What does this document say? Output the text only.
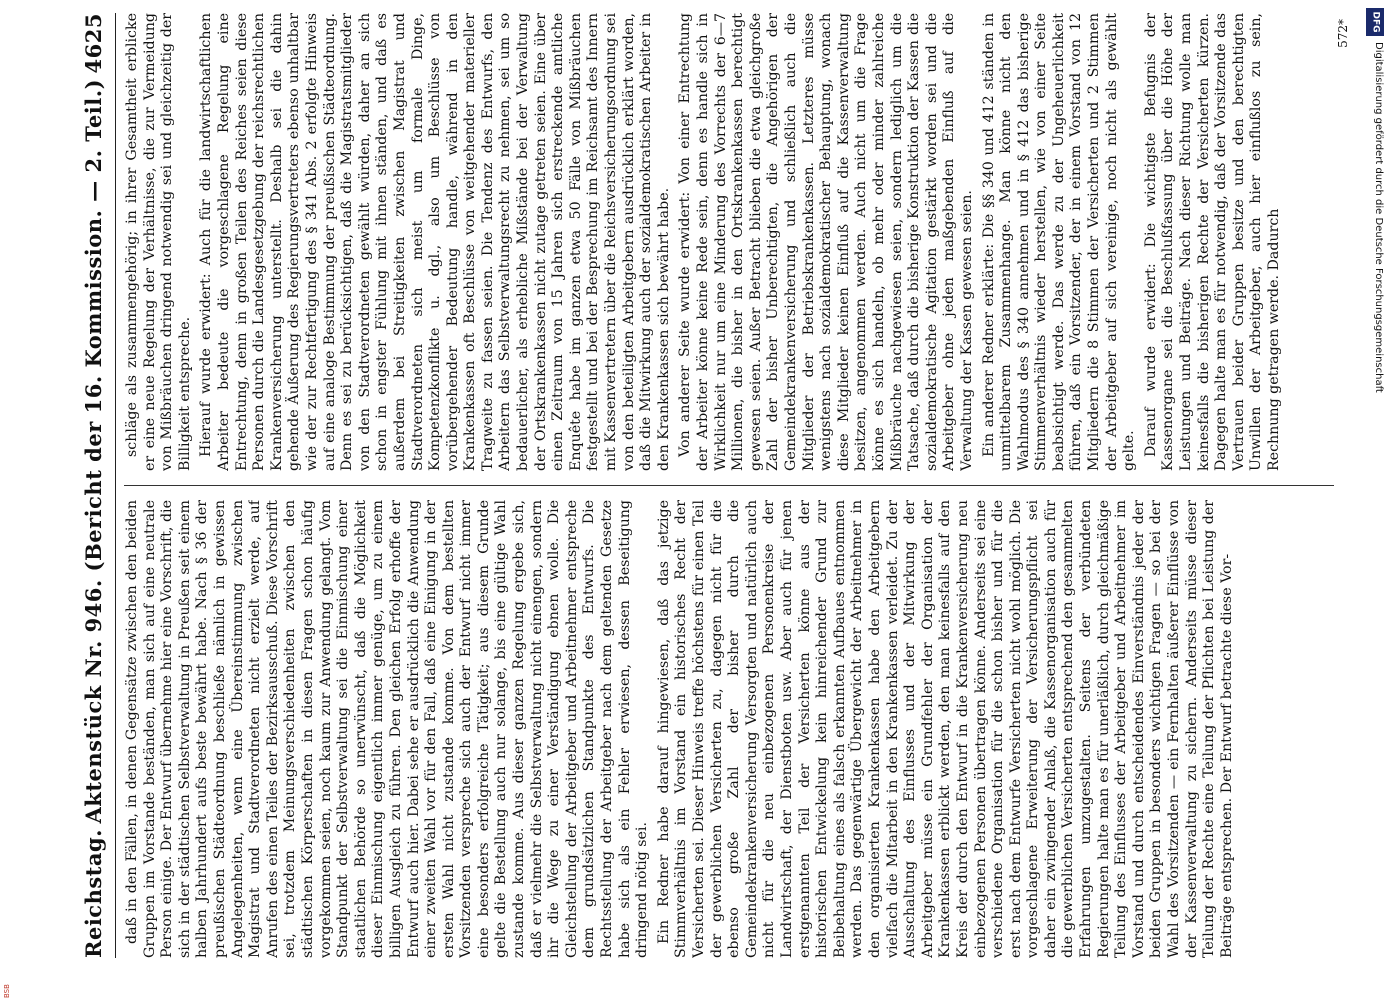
Reichstag.
Aktenstück Nr. 946. (Bericht der 16. Kommission. — 2. Teil.)
4625

daß in den Fällen, in denen Gegensätze zwischen den beiden Gruppen im Vorstande beständen, man sich auf eine neutrale Person einige. Der Entwurf übernehme hier eine Vorschrift, die sich in der städtischen Selbstverwaltung in Preußen seit einem halben Jahrhundert aufs beste bewährt habe. Nach § 36 der preußischen Städteordnung beschließe nämlich in gewissen Angelegenheiten, wenn eine Übereinstimmung zwischen Magistrat und Stadtverordneten nicht erzielt werde, auf Anrufen des einen Teiles der Bezirksausschuß. Diese Vorschrift sei, trotzdem Meinungsverschiedenheiten zwischen den städtischen Körperschaften in diesen Fragen schon häufig vorgekommen seien, noch kaum zur Anwendung gelangt. Vom Standpunkt der Selbstverwaltung sei die Einmischung einer staatlichen Behörde so unerwünscht, daß die Möglichkeit dieser Einmischung eigentlich immer genüge, um zu einem billigen Ausgleich zu führen. Den gleichen Erfolg erhoffe der Entwurf auch hier. Dabei sehe er ausdrücklich die Anwendung einer zweiten Wahl vor für den Fall, daß eine Einigung in der ersten Wahl nicht zustande komme. Von dem bestellten Vorsitzenden verspreche sich auch der Entwurf nicht immer eine besonders erfolgreiche Tätigkeit; aus diesem Grunde gelte die Bestellung auch nur solange, bis eine gültige Wahl zustande komme. Aus dieser ganzen Regelung ergebe sich, daß er vielmehr die Selbstverwaltung nicht einengen, sondern ihr die Wege zu einer Verständigung ebnen wolle. Die Gleichstellung der Arbeitgeber und Arbeitnehmer entspreche dem grundsätzlichen Standpunkte des Entwurfs. Die Rechtsstellung der Arbeitgeber nach dem geltenden Gesetze habe sich als ein Fehler erwiesen, dessen Beseitigung dringend nötig sei. Ein Redner habe darauf hingewiesen, daß das jetzige Stimmverhältnis im Vorstand ein historisches Recht der Versicherten sei. Dieser Hinweis treffe höchstens für einen Teil der gewerblichen Versicherten zu, dagegen nicht für die ebenso große Zahl der bisher durch die Gemeindekrankenversicherung Versorgten und natürlich auch nicht für die neu einbezogenen Personenkreise der Landwirtschaft, der Dienstboten usw. Aber auch für jenen erstgenannten Teil der Versicherten könne aus der historischen Entwickelung kein hinreichender Grund zur Beibehaltung eines als falsch erkannten Aufbaues entnommen werden. Das gegenwärtige Übergewicht der Arbeitnehmer in den organisierten Krankenkassen habe den Arbeitgebern vielfach die Mitarbeit in den Krankenkassen verleidet. Zu der Ausschaltung des Einflusses und der Mitwirkung der Arbeitgeber müsse ein Grundfehler der Organisation der Krankenkassen erblickt werden, den man keinesfalls auf den Kreis der durch den Entwurf in die Krankenversicherung neu einbezogenen Personen übertragen könne. Anderseits sei eine verschiedene Organisation für die schon bisher und für die erst nach dem Entwurfe Versicherten nicht wohl möglich. Die vorgeschlagene Erweiterung der Versicherungspflicht sei daher ein zwingender Anlaß, die Kassenorganisation auch für die gewerblichen Versicherten entsprechend den gesammelten Erfahrungen umzugestalten. Seitens der verbündeten Regierungen halte man es für unerläßlich, durch gleichmäßige Teilung des Einflusses der Arbeitgeber und Arbeitnehmer im Vorstand und durch entscheidendes Einverständnis jeder der beiden Gruppen in besonders wichtigen Fragen — so bei der Wahl des Vorsitzenden — ein Fernhalten äußerer Einflüsse von der Kassenverwaltung zu sichern. Anderseits müsse dieser Teilung der Rechte eine Teilung der Pflichten bei Leistung der Beiträge entsprechen. Der Entwurf betrachte diese Vor-

schläge als zusammengehörig; in ihrer Gesamtheit erblicke er eine neue Regelung der Verhältnisse, die zur Vermeidung von Mißbräuchen dringend notwendig sei und gleichzeitig der Billigkeit entspreche. Hierauf wurde erwidert: Auch für die landwirtschaftlichen Arbeiter bedeute die vorgeschlagene Regelung eine Entrechtung, denn in großen Teilen des Reiches seien diese Personen durch die Landesgesetzgebung der reichsrechtlichen Krankenversicherung unterstellt. Deshalb sei die dahin gehende Äußerung des Regierungsvertreters ebenso unhaltbar wie der zur Rechtfertigung des § 341 Abs. 2 erfolgte Hinweis auf eine analoge Bestimmung der preußischen Städteordnung. Denn es sei zu berücksichtigen, daß die Magistratsmitglieder von den Stadtverordneten gewählt würden, daher an sich schon in engster Fühlung mit ihnen ständen, und daß es außerdem bei Streitigkeiten zwischen Magistrat und Stadtverordneten sich meist um formale Dinge, Kompetenzkonflikte u. dgl., also um Beschlüsse von vorübergehender Bedeutung handle, während in den Krankenkassen oft Beschlüsse von weitgehender materieller Tragweite zu fassen seien. Die Tendenz des Entwurfs, den Arbeitern das Selbstverwaltungsrecht zu nehmen, sei um so bedauerlicher, als erhebliche Mißstände bei der Verwaltung der Ortskrankenkassen nicht zutage getreten seien. Eine über einen Zeitraum von 15 Jahren sich erstreckende amtliche Enquête habe im ganzen etwa 50 Fälle von Mißbräuchen festgestellt und bei der Besprechung im Reichsamt des Innern mit Kassenvertretern über die Reichsversicherungsordnung sei von den beteiligten Arbeitgebern ausdrücklich erklärt worden, daß die Mitwirkung auch der sozialdemokratischen Arbeiter in den Krankenkassen sich bewährt habe. Von anderer Seite wurde erwidert: Von einer Entrechtung der Arbeiter könne keine Rede sein, denn es handle sich in Wirklichkeit nur um eine Minderung des Vorrechts der 6—7 Millionen, die bisher in den Ortskrankenkassen berechtigt gewesen seien. Außer Betracht blieben die etwa gleichgroße Zahl der bisher Unberechtigten, die Angehörigen der Gemeindekrankenversicherung und schließlich auch die Mitglieder der Betriebskrankenkassen. Letzteres müsse wenigstens nach sozialdemokratischer Behauptung, wonach diese Mitglieder keinen Einfluß auf die Kassenverwaltung besitzen, angenommen werden. Auch nicht um die Frage könne es sich handeln, ob mehr oder minder zahlreiche Mißbräuche nachgewiesen seien, sondern lediglich um die Tatsache, daß durch die bisherige Konstruktion der Kassen die sozialdemokratische Agitation gestärkt worden sei und die Arbeitgeber ohne jeden maßgebenden Einfluß auf die Verwaltung der Kassen gewesen seien. Ein anderer Redner erklärte: Die §§ 340 und 412 ständen in unmittelbarem Zusammenhange. Man könne nicht den Wahlmodus des § 340 annehmen und in § 412 das bisherige Stimmenverhältnis wieder herstellen, wie von einer Seite beabsichtigt werde. Das werde zu der Ungeheuerlichkeit führen, daß ein Vorsitzender, der in einem Vorstand von 12 Mitgliedern die 8 Stimmen der Versicherten und 2 Stimmen der Arbeitgeber auf sich vereinige, noch nicht als gewählt gelte. Darauf wurde erwidert: Die wichtigste Befugnis der Kassenorgane sei die Beschlußfassung über die Höhe der Leistungen und Beiträge. Nach dieser Richtung wolle man keinesfalls die bisherigen Rechte der Versicherten kürzen. Dagegen halte man es für notwendig, daß der Vorsitzende das Vertrauen beider Gruppen besitze und den berechtigten Unwillen der Arbeitgeber, auch hier einflußlos zu sein, Rechnung getragen werde. Dadurch

572* DFG
Digitalisierung gefördert durch die Deutsche Forschungsgemeinschaft
BSB
